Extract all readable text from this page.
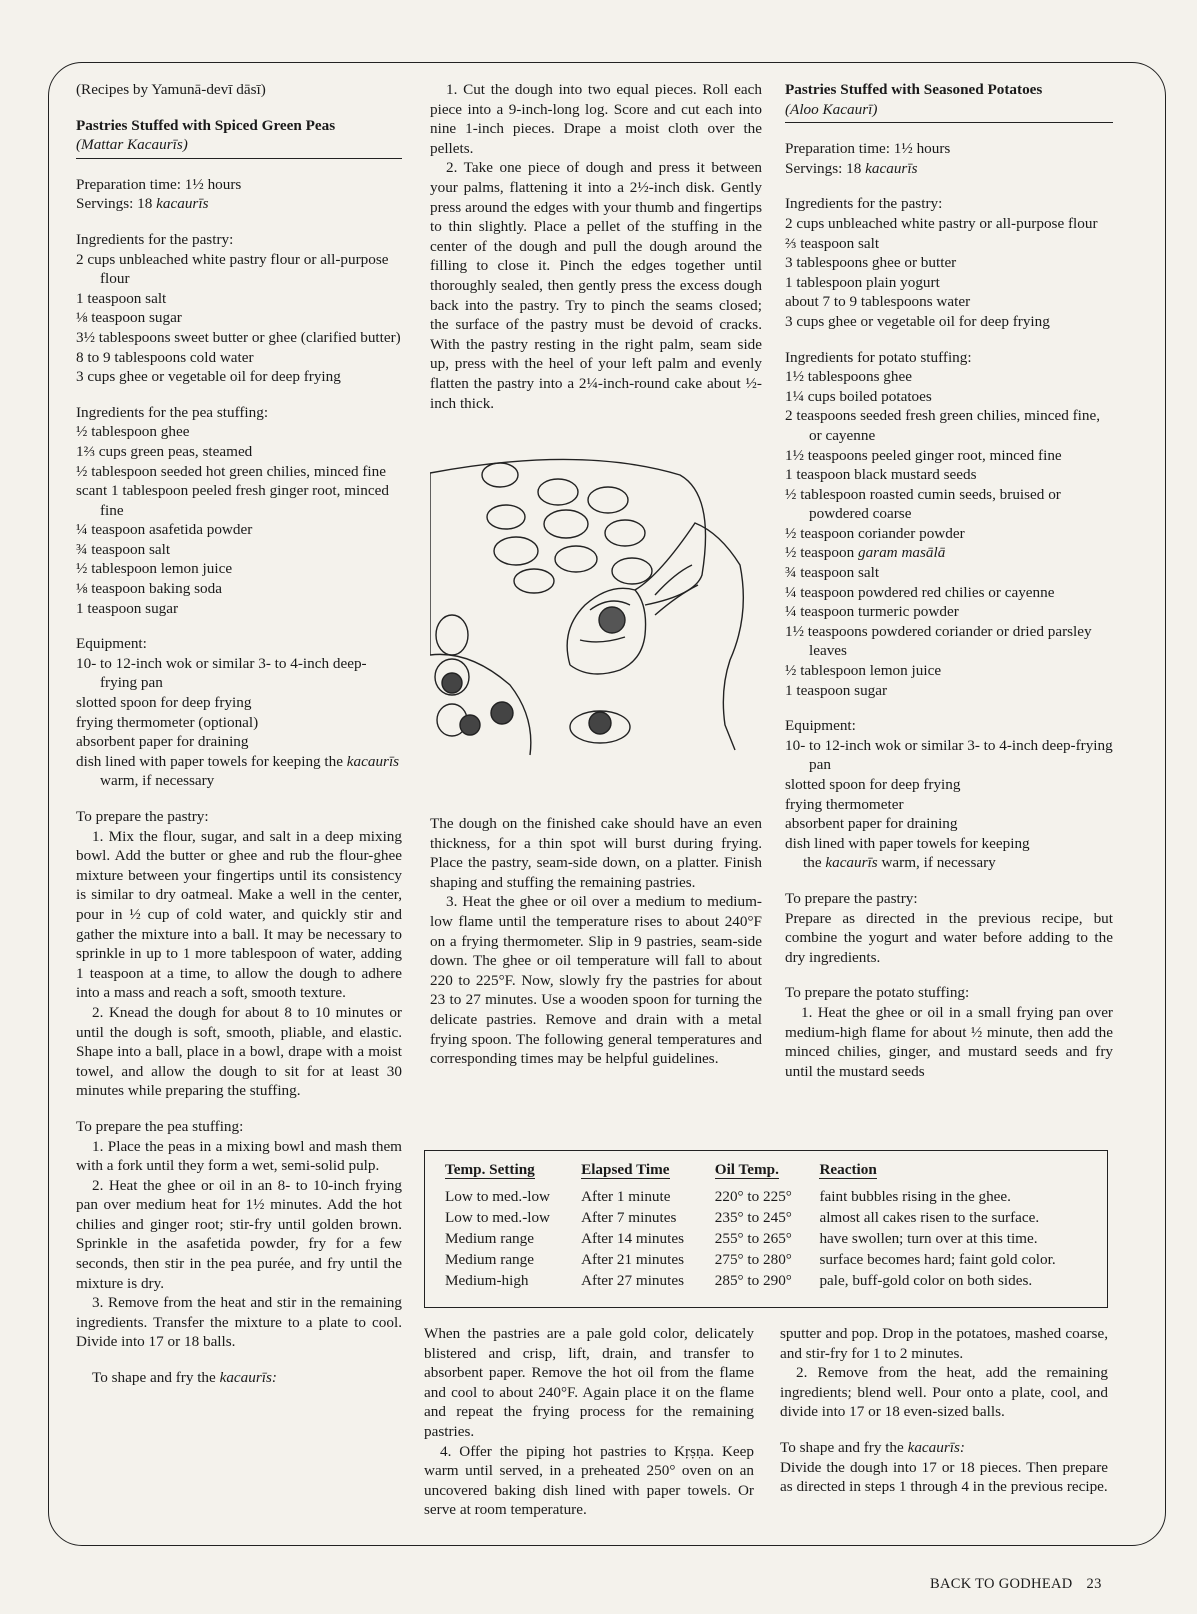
(Recipes by Yamunā-devī dāsī)

Pastries Stuffed with Spiced Green Peas

(Mattar Kacaurīs)

Preparation time: 1½ hours

Servings: 18 kacaurīs

Ingredients for the pastry:

2 cups unbleached white pastry flour or all-purpose flour

1 teaspoon salt

⅛ teaspoon sugar

3½ tablespoons sweet butter or ghee (clarified butter)

8 to 9 tablespoons cold water

3 cups ghee or vegetable oil for deep frying

Ingredients for the pea stuffing:

½ tablespoon ghee

1⅔ cups green peas, steamed

½ tablespoon seeded hot green chilies, minced fine

scant 1 tablespoon peeled fresh ginger root, minced fine

¼ teaspoon asafetida powder

¾ teaspoon salt

½ tablespoon lemon juice

⅛ teaspoon baking soda

1 teaspoon sugar

Equipment:

10- to 12-inch wok or similar 3- to 4-inch deep-frying pan

slotted spoon for deep frying

frying thermometer (optional)

absorbent paper for draining

dish lined with paper towels for keeping the kacaurīs warm, if necessary

To prepare the pastry:

1. Mix the flour, sugar, and salt in a deep mixing bowl. Add the butter or ghee and rub the flour-ghee mixture between your fingertips until its consistency is similar to dry oatmeal. Make a well in the center, pour in ½ cup of cold water, and quickly stir and gather the mixture into a ball. It may be necessary to sprinkle in up to 1 more tablespoon of water, adding 1 teaspoon at a time, to allow the dough to adhere into a mass and reach a soft, smooth texture.

2. Knead the dough for about 8 to 10 minutes or until the dough is soft, smooth, pliable, and elastic. Shape into a ball, place in a bowl, drape with a moist towel, and allow the dough to sit for at least 30 minutes while preparing the stuffing.

To prepare the pea stuffing:

1. Place the peas in a mixing bowl and mash them with a fork until they form a wet, semi-solid pulp.

2. Heat the ghee or oil in an 8- to 10-inch frying pan over medium heat for 1½ minutes. Add the hot chilies and ginger root; stir-fry until golden brown. Sprinkle in the asafetida powder, fry for a few seconds, then stir in the pea purée, and fry until the mixture is dry.

3. Remove from the heat and stir in the remaining ingredients. Transfer the mixture to a plate to cool. Divide into 17 or 18 balls.

To shape and fry the kacaurīs:

1. Cut the dough into two equal pieces. Roll each piece into a 9-inch-long log. Score and cut each into nine 1-inch pieces. Drape a moist cloth over the pellets.

2. Take one piece of dough and press it between your palms, flattening it into a 2½-inch disk. Gently press around the edges with your thumb and fingertips to thin slightly. Place a pellet of the stuffing in the center of the dough and pull the dough around the filling to close it. Pinch the edges together until thoroughly sealed, then gently press the excess dough back into the pastry. Try to pinch the seams closed; the surface of the pastry must be devoid of cracks. With the pastry resting in the right palm, seam side up, press with the heel of your left palm and evenly flatten the pastry into a 2¼-inch-round cake about ½-inch thick.

The dough on the finished cake should have an even thickness, for a thin spot will burst during frying. Place the pastry, seam-side down, on a platter. Finish shaping and stuffing the remaining pastries.

3. Heat the ghee or oil over a medium to medium-low flame until the temperature rises to about 240°F on a frying thermometer. Slip in 9 pastries, seam-side down. The ghee or oil temperature will fall to about 220 to 225°F. Now, slowly fry the pastries for about 23 to 27 minutes. Use a wooden spoon for turning the delicate pastries. Remove and drain with a metal frying spoon. The following general temperatures and corresponding times may be helpful guidelines.

Pastries Stuffed with Seasoned Potatoes

(Aloo Kacaurī)

Preparation time: 1½ hours

Servings: 18 kacaurīs

Ingredients for the pastry:

2 cups unbleached white pastry or all-purpose flour

⅔ teaspoon salt

3 tablespoons ghee or butter

1 tablespoon plain yogurt

about 7 to 9 tablespoons water

3 cups ghee or vegetable oil for deep frying

Ingredients for potato stuffing:

1½ tablespoons ghee

1¼ cups boiled potatoes

2 teaspoons seeded fresh green chilies, minced fine, or cayenne

1½ teaspoons peeled ginger root, minced fine

1 teaspoon black mustard seeds

½ tablespoon roasted cumin seeds, bruised or powdered coarse

½ teaspoon coriander powder

½ teaspoon garam masālā

¾ teaspoon salt

¼ teaspoon powdered red chilies or cayenne

¼ teaspoon turmeric powder

1½ teaspoons powdered coriander or dried parsley leaves

½ tablespoon lemon juice

1 teaspoon sugar

Equipment:

10- to 12-inch wok or similar 3- to 4-inch deep-frying pan

slotted spoon for deep frying

frying thermometer

absorbent paper for draining

dish lined with paper towels for keeping

the kacaurīs warm, if necessary

To prepare the pastry:

Prepare as directed in the previous recipe, but combine the yogurt and water before adding to the dry ingredients.

To prepare the potato stuffing:

1. Heat the ghee or oil in a small frying pan over medium-high flame for about ½ minute, then add the minced chilies, ginger, and mustard seeds and fry until the mustard seeds

Temp. Setting	Elapsed Time	Oil Temp.	Reaction
Low to med.-low	After 1 minute	220° to 225°	faint bubbles rising in the ghee.
Low to med.-low	After 7 minutes	235° to 245°	almost all cakes risen to the surface.
Medium range	After 14 minutes	255° to 265°	have swollen; turn over at this time.
Medium range	After 21 minutes	275° to 280°	surface becomes hard; faint gold color.
Medium-high	After 27 minutes	285° to 290°	pale, buff-gold color on both sides.

When the pastries are a pale gold color, delicately blistered and crisp, lift, drain, and transfer to absorbent paper. Remove the hot oil from the flame and cool to about 240°F. Again place it on the flame and repeat the frying process for the remaining pastries.

4. Offer the piping hot pastries to Kṛṣṇa. Keep warm until served, in a preheated 250° oven on an uncovered baking dish lined with paper towels. Or serve at room temperature.

sputter and pop. Drop in the potatoes, mashed coarse, and stir-fry for 1 to 2 minutes.

2. Remove from the heat, add the remaining ingredients; blend well. Pour onto a plate, cool, and divide into 17 or 18 even-sized balls.

To shape and fry the kacaurīs:

Divide the dough into 17 or 18 pieces. Then prepare as directed in steps 1 through 4 in the previous recipe.

BACK TO GODHEAD 23
